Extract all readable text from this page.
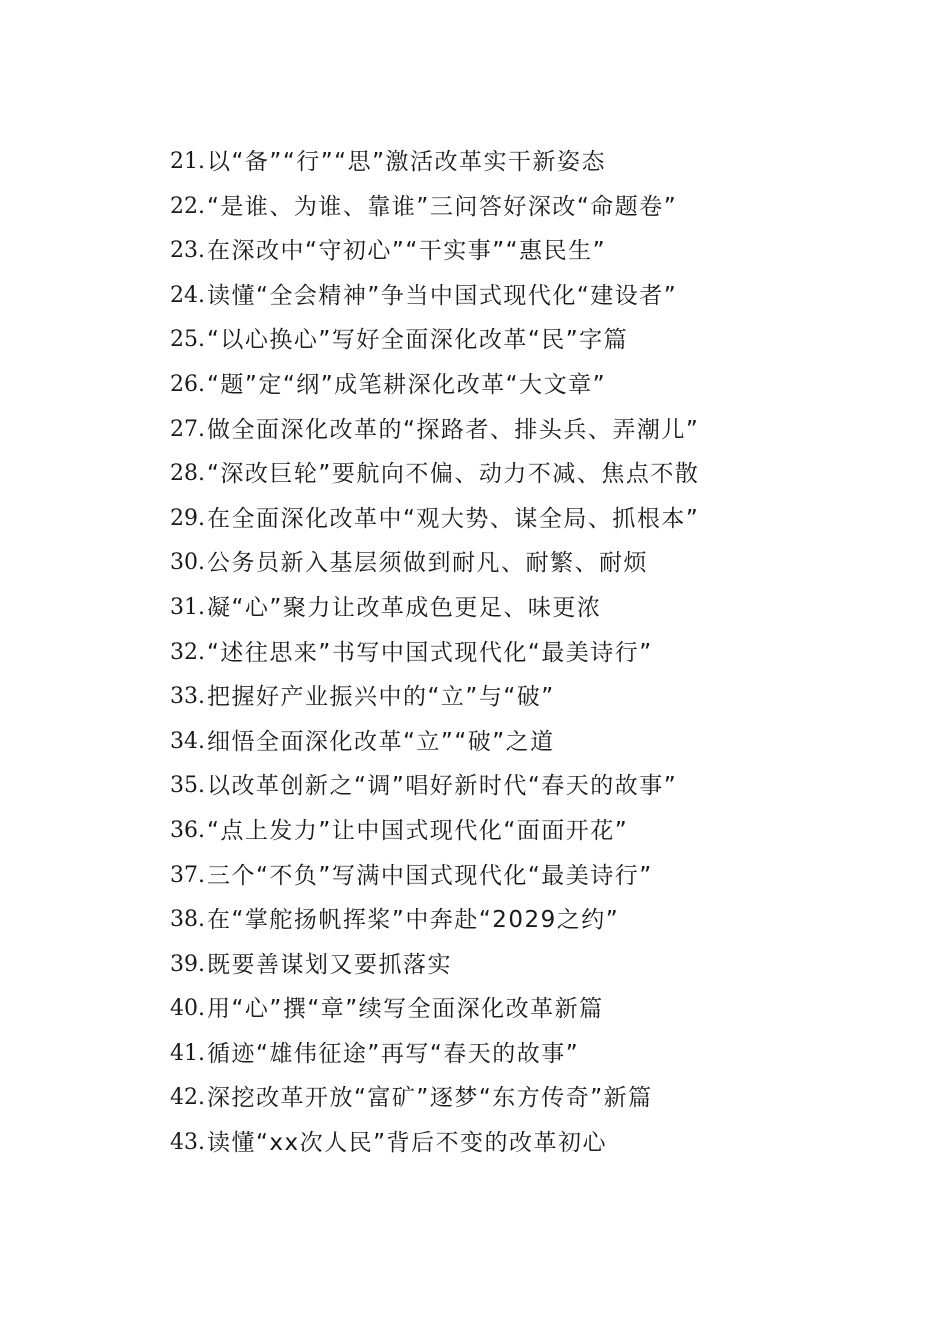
21. 以“备”“行”“思”激活改革实干新姿态
22. “是谁、为谁、靠谁”三问答好深改“命题卷”
23. 在深改中“守初心”“干实事”“惠民生”
24. 读懂“全会精神”争当中国式现代化“建设者”
25. “以心换心”写好全面深化改革“民”字篇
26. “题”定“纲”成笔耕深化改革“大文章”
27. 做全面深化改革的“探路者、排头兵、弄潮儿”
28. “深改巨轮”要航向不偏、动力不减、焦点不散
29. 在全面深化改革中“观大势、谋全局、抓根本”
30. 公务员新入基层须做到耐凡、耐繁、耐烦
31. 凝“心”聚力让改革成色更足、味更浓
32. “述往思来”书写中国式现代化“最美诗行”
33. 把握好产业振兴中的“立”与“破”
34. 细悟全面深化改革“立”“破”之道
35. 以改革创新之“调”唱好新时代“春天的故事”
36. “点上发力”让中国式现代化“面面开花”
37. 三个“不负”写满中国式现代化“最美诗行”
38. 在“掌舵扬帆挥桨”中奔赴“2029之约”
39. 既要善谋划又要抓落实
40. 用“心”撰“章”续写全面深化改革新篇
41. 循迹“雄伟征途”再写“春天的故事”
42. 深挖改革开放“富矿”逐梦“东方传奇”新篇
43. 读懂“xx次人民”背后不变的改革初心
